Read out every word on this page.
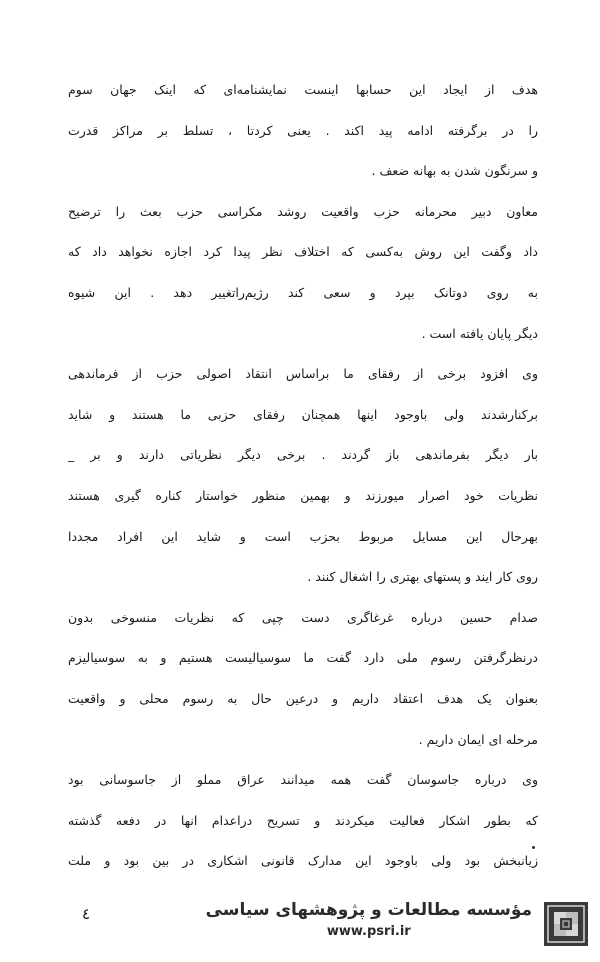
هدف از ایجاد این حسابها اینست نمایشنامه‌ای که اینک جهان سوم
را در برگرفته ادامه پید اکند . یعنی کردتا ، تسلط بر مراکز قدرت
و سرنگون شدن به بهانه ضعف .
معاون دبیر محرمانه حزب واقعیت روشد مکراسی حزب بعث را ترضیح
داد وگفت این روش به‌کسی که اختلاف نظر پیدا کرد اجازه نخواهد داد که
به روی دوتانک بپرد و سعی کند رژیم‌راتغییر دهد . این شیوه
دیگر پایان یافته است .
وی افزود برخی از رفقای ما براساس انتقاد اصولی حزب از فرماندهی
برکنارشدند ولی باوجود اینها همچنان رفقای حزبی ما هستند و شاید
بار دیگر بفرماندهی باز گردند . برخی دیگر نظریاتی دارند و بر _
نظریات خود اصرار میورزند و بهمین منظور خواستار کناره گیری هستند
بهرحال این مسایل مربوط بحزب است و شاید این افراد مجددا
روی کار ایند و پستهای بهتری را اشغال کنند .
صدام حسین درباره غرغاگری دست چپی که نظریات منسوخی بدون
درنظرگرفتن رسوم ملی دارد گفت ما سوسیالیست هستیم و به سوسیالیزم
بعنوان یک هدف اعتقاد داریم و درعین حال به رسوم محلی و واقعیت
مرحله ای ایمان داریم .
وی درباره جاسوسان گفت همه میدانند عراق مملو از جاسوسانی بود
که بطور اشکار فعالیت میکردند و تسریح دراعدام انها در دفعه گذشته
زیانبخش بود ولی باوجود این مدارک قانونی اشکاری در بین بود و ملت
٤	مؤسسه مطالعات و پژوهشهای سیاسی
www.psri.ir
